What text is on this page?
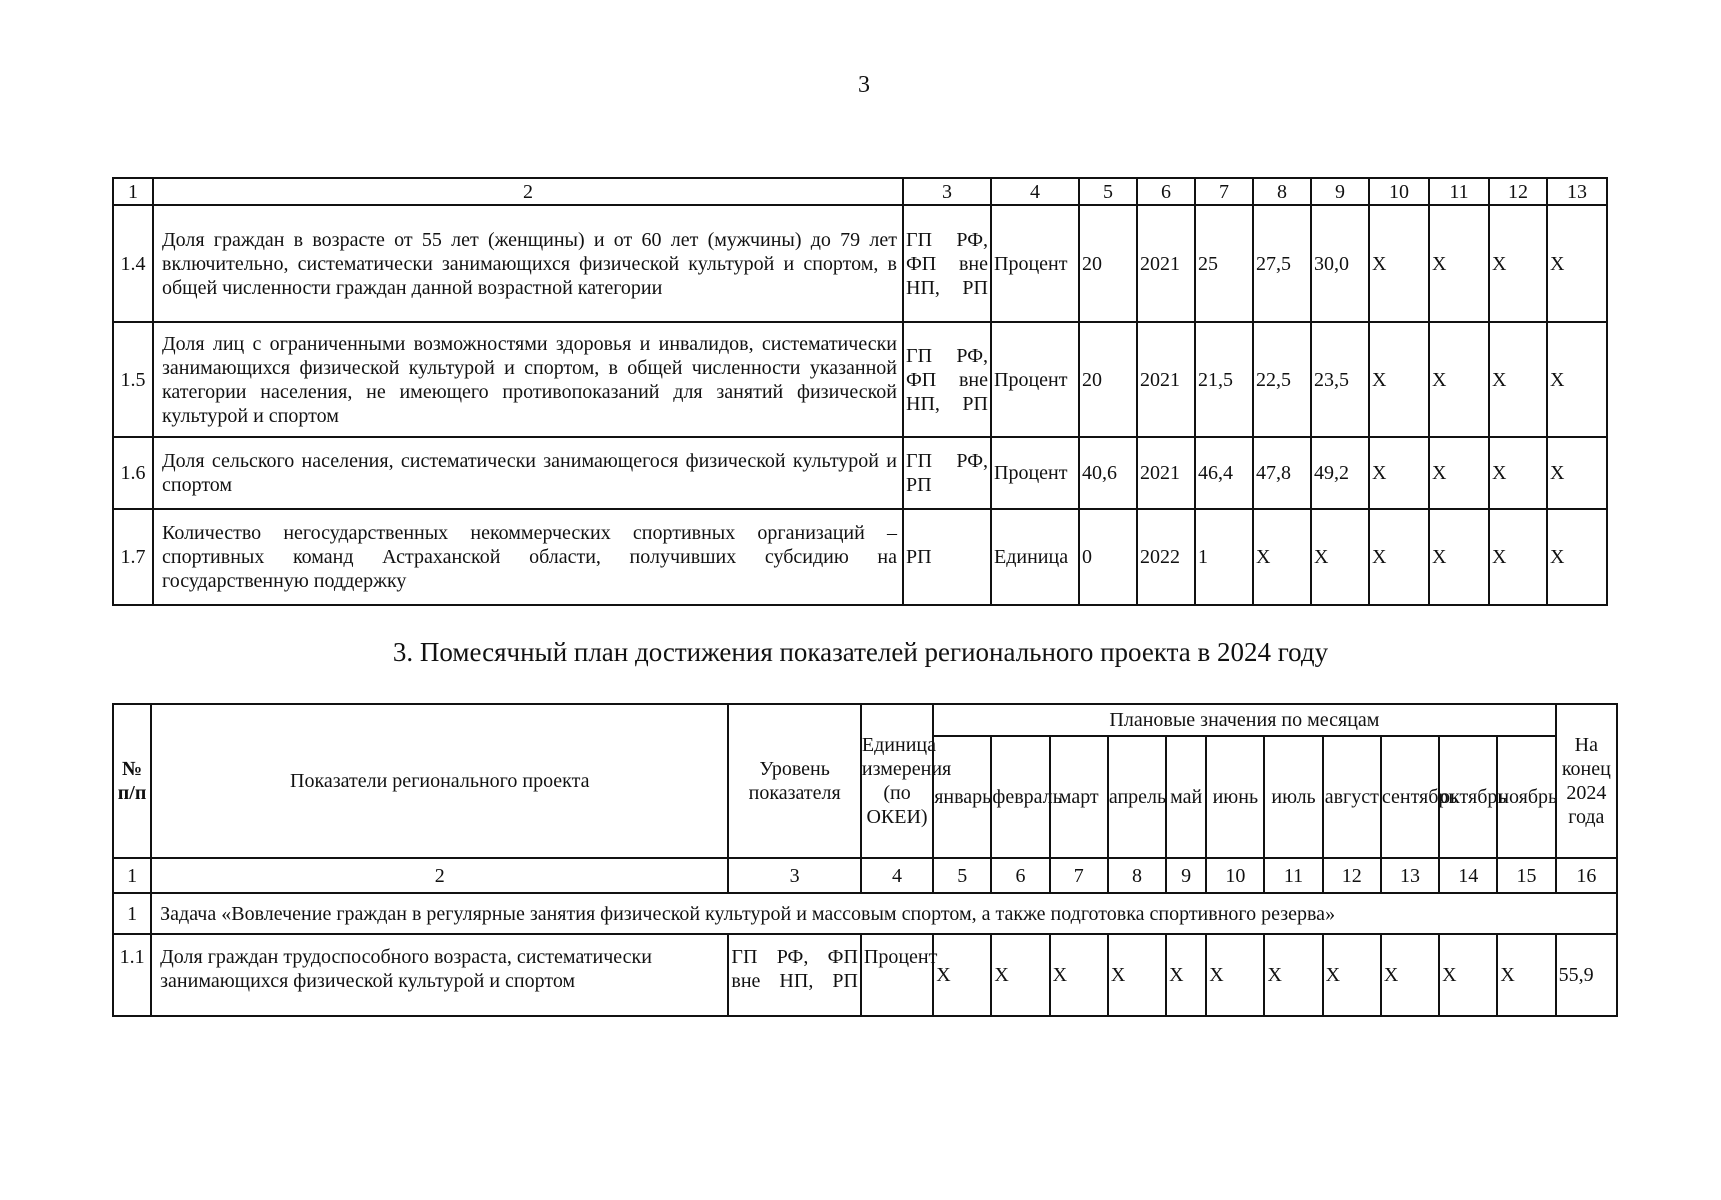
3
1	2	3	4	5	6	7	8	9	10	11	12	13
1.4	Доля граждан в возрасте от 55 лет (женщины) и от 60 лет (мужчины) до 79 лет включительно, систематически занимающихся физической культурой и спортом, в общей численности граждан данной возрастной категории	ГП РФ, ФП вне НП, РП	Процент	20	2021	25	27,5	30,0	X	X	X	X
1.5	Доля лиц с ограниченными возможностями здоровья и инвалидов, систематически занимающихся физической культурой и спортом, в общей численности указанной категории населения, не имеющего противопоказаний для занятий физической культурой и спортом	ГП РФ, ФП вне НП, РП	Процент	20	2021	21,5	22,5	23,5	X	X	X	X
1.6	Доля сельского населения, систематически занимающегося физической культурой и спортом	ГП РФ, РП	Процент	40,6	2021	46,4	47,8	49,2	X	X	X	X
1.7	Количество негосударственных некоммерческих спортивных организаций – спортивных команд Астраханской области, получивших субсидию на государственную поддержку	РП	Единица	0	2022	1	X	X	X	X	X	X
3. Помесячный план достижения показателей регионального проекта в 2024 году
№ п/п	Показатели регионального проекта	Уровень показателя	Единица измерения (по ОКЕИ)	Плановые значения по месяцам											На конец 2024 года
				январь	февраль	март	апрель	май	июнь	июль	август	сентябрь	октябрь	ноябрь	
1	2	3	4	5	6	7	8	9	10	11	12	13	14	15	16
1	Задача «Вовлечение граждан в регулярные занятия физической культурой и массовым спортом, а также подготовка спортивного резерва»														
1.1	Доля граждан трудоспособного возраста, систематически занимающихся физической культурой и спортом	ГП РФ, ФП вне НП, РП	Процент	X	X	X	X	X	X	X	X	X	X	X	55,9
